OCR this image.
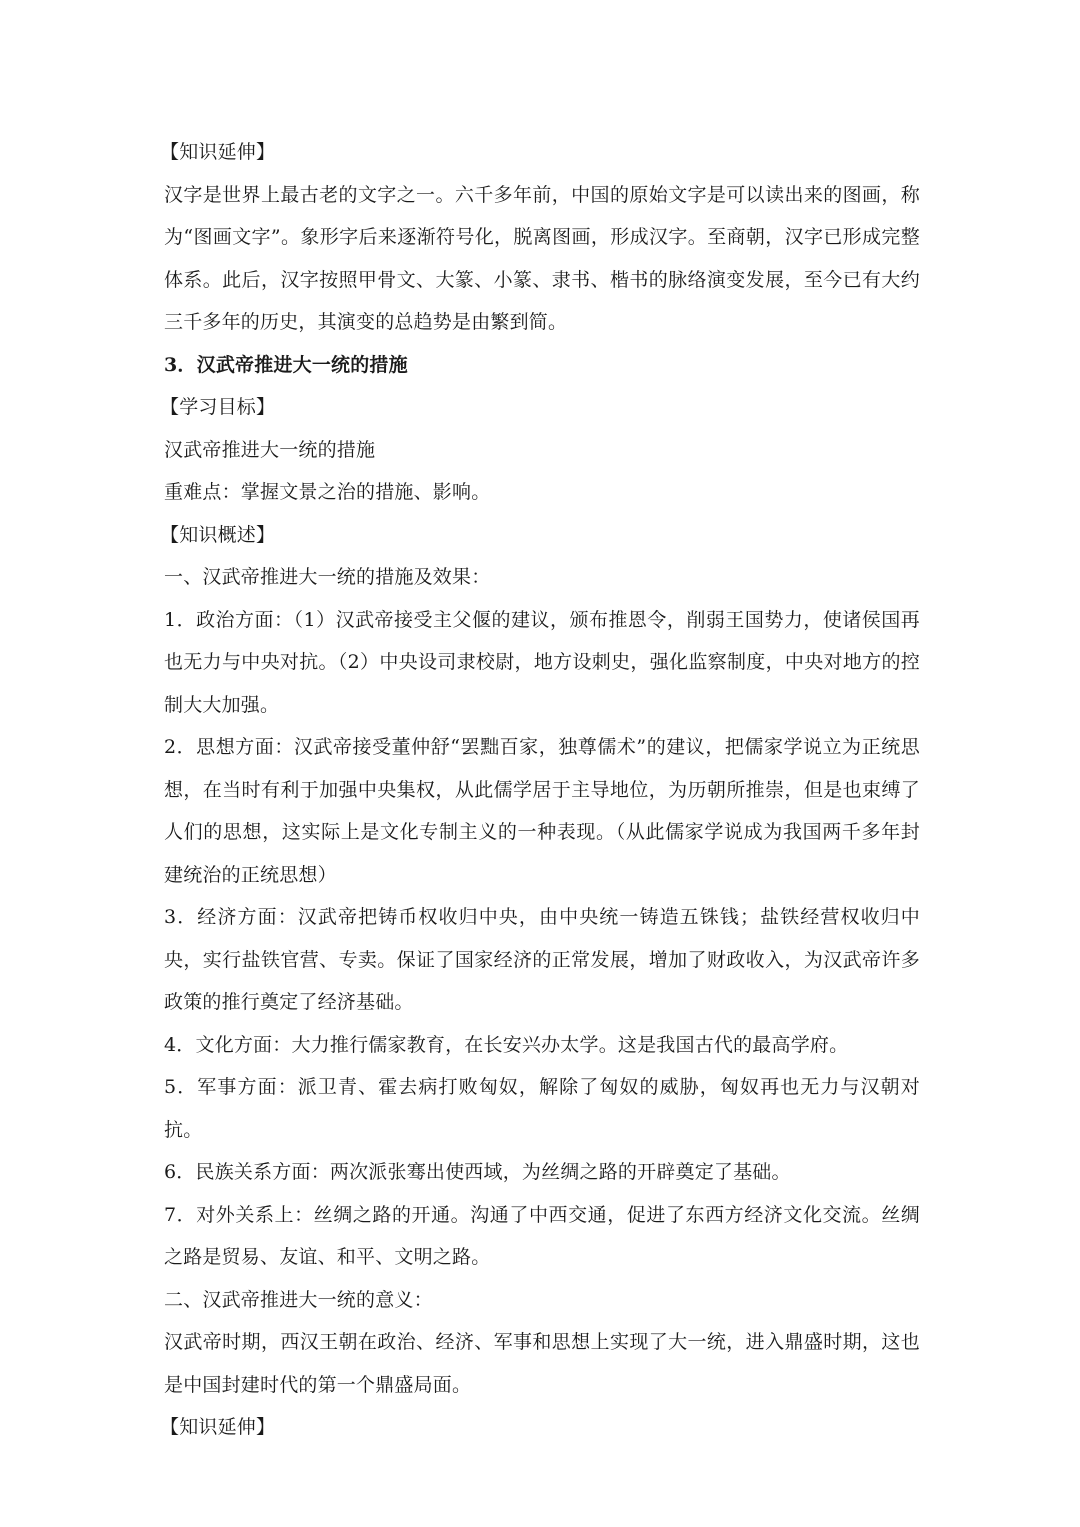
【知识延伸】
汉字是世界上最古老的文字之一。六千多年前，中国的原始文字是可以读出来的图画，称为“图画文字”。象形字后来逐渐符号化，脱离图画，形成汉字。至商朝，汉字已形成完整体系。此后，汉字按照甲骨文、大篆、小篆、隶书、楷书的脉络演变发展，至今已有大约三千多年的历史，其演变的总趋势是由繁到简。
3．汉武帝推进大一统的措施
【学习目标】
汉武帝推进大一统的措施
重难点：掌握文景之治的措施、影响。
【知识概述】
一、汉武帝推进大一统的措施及效果：
1．政治方面：（1）汉武帝接受主父偃的建议，颁布推恩令，削弱王国势力，使诸侯国再也无力与中央对抗。（2）中央设司隶校尉，地方设刺史，强化监察制度，中央对地方的控制大大加强。
2．思想方面：汉武帝接受董仲舒“罢黜百家，独尊儒术”的建议，把儒家学说立为正统思想，在当时有利于加强中央集权，从此儒学居于主导地位，为历朝所推崇，但是也束缚了人们的思想，这实际上是文化专制主义的一种表现。（从此儒家学说成为我国两千多年封建统治的正统思想）
3．经济方面：汉武帝把铸币权收归中央，由中央统一铸造五铢钱；盐铁经营权收归中央，实行盐铁官营、专卖。保证了国家经济的正常发展，增加了财政收入，为汉武帝许多政策的推行奠定了经济基础。
4．文化方面：大力推行儒家教育，在长安兴办太学。这是我国古代的最高学府。
5．军事方面：派卫青、霍去病打败匈奴，解除了匈奴的威胁，匈奴再也无力与汉朝对抗。
6．民族关系方面：两次派张骞出使西域，为丝绸之路的开辟奠定了基础。
7．对外关系上：丝绸之路的开通。沟通了中西交通，促进了东西方经济文化交流。丝绸之路是贸易、友谊、和平、文明之路。
二、汉武帝推进大一统的意义：
汉武帝时期，西汉王朝在政治、经济、军事和思想上实现了大一统，进入鼎盛时期，这也是中国封建时代的第一个鼎盛局面。
【知识延伸】
